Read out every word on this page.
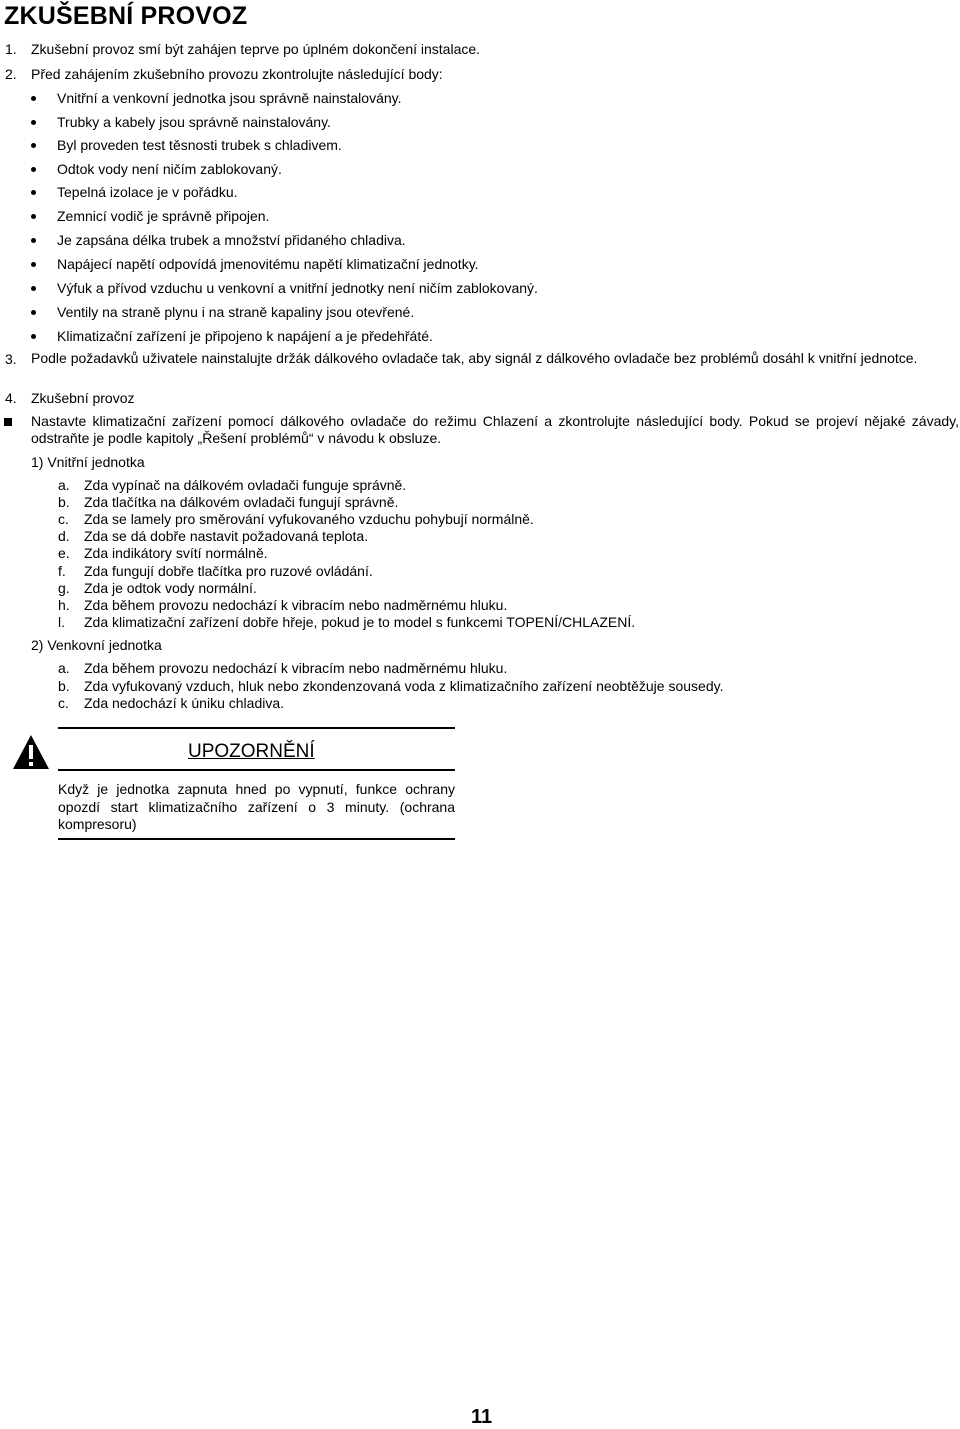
ZKUŠEBNÍ PROVOZ
1. Zkušební provoz smí být zahájen teprve po úplném dokončení instalace.
2. Před zahájením zkušebního provozu zkontrolujte následující body:
Vnitřní a venkovní jednotka jsou správně nainstalovány.
Trubky a kabely jsou správně nainstalovány.
Byl proveden test těsnosti trubek s chladivem.
Odtok vody není ničím zablokovaný.
Tepelná izolace je v pořádku.
Zemnicí vodič je správně připojen.
Je zapsána délka trubek a množství přidaného chladiva.
Napájecí napětí odpovídá jmenovitému napětí klimatizační jednotky.
Výfuk a přívod vzduchu u venkovní a vnitřní jednotky není ničím zablokovaný.
Ventily na straně plynu i na straně kapaliny jsou otevřené.
Klimatizační zařízení je připojeno k napájení a je předehřáté.
3. Podle požadavků uživatele nainstalujte držák dálkového ovladače tak, aby signál z dálkového ovladače bez problémů dosáhl k vnitřní jednotce.
4. Zkušební provoz
Nastavte klimatizační zařízení pomocí dálkového ovladače do režimu Chlazení a zkontrolujte následující body. Pokud se projeví nějaké závady, odstraňte je podle kapitoly „Řešení problémů“ v návodu k obsluze.
1) Vnitřní jednotka
a.	Zda vypínač na dálkovém ovladači funguje správně.
b.	Zda tlačítka na dálkovém ovladači fungují správně.
c.	Zda se lamely pro směrování vyfukovaného vzduchu pohybují normálně.
d.	Zda se dá dobře nastavit požadovaná teplota.
e.	Zda indikátory svítí normálně.
f.	Zda fungují dobře tlačítka pro ruzové ovládání.
g.	Zda je odtok vody normální.
h.	Zda během provozu nedochází k vibracím nebo nadměrnému hluku.
l.	Zda klimatizační zařízení dobře hřeje, pokud je to model s funkcemi TOPENÍ/CHLAZENÍ.
2) Venkovní jednotka
a.	Zda během provozu nedochází k vibracím nebo nadměrnému hluku.
b.	Zda vyfukovaný vzduch, hluk nebo zkondenzovaná voda z klimatizačního zařízení neobtěžuje sousedy.
c.	Zda nedochází k úniku chladiva.
UPOZORNĚNÍ
Když je jednotka zapnuta hned po vypnutí, funkce ochrany opozdí start klimatizačního zařízení o 3 minuty. (ochrana kompresoru)
11
